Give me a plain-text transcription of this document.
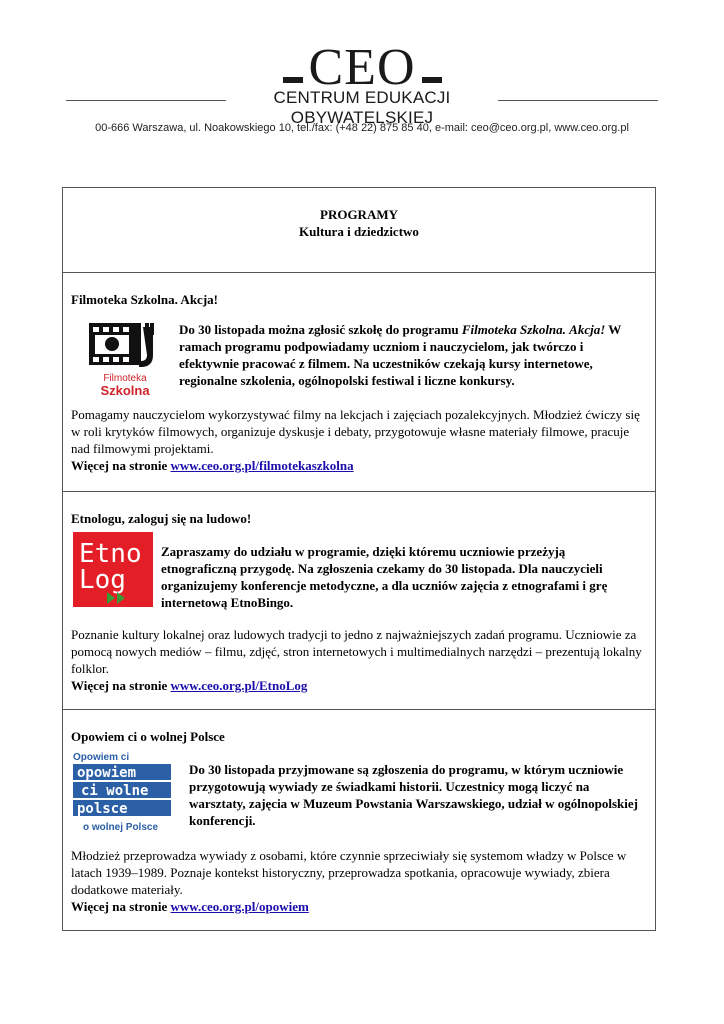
CEO
CENTRUM EDUKACJI OBYWATELSKIEJ
00-666 Warszawa, ul. Noakowskiego 10, tel./fax: (+48 22) 875 85 40, e-mail: ceo@ceo.org.pl, www.ceo.org.pl
PROGRAMY
Kultura i dziedzictwo

Filmoteka Szkolna. Akcja!

Filmoteka
Szkolna
Do 30 listopada można zgłosić szkołę do programu Filmoteka Szkolna. Akcja! W ramach programu podpowiadamy uczniom i nauczycielom, jak twórczo i efektywnie pracować z filmem. Na uczestników czekają kursy internetowe, regionalne szkolenia, ogólnopolski festiwal i liczne konkursy.
Pomagamy nauczycielom wykorzystywać filmy na lekcjach i zajęciach pozalekcyjnych. Młodzież ćwiczy się w roli krytyków filmowych, organizuje dyskusje i debaty, przygotowuje własne materiały filmowe, pracuje nad filmowymi projektami.
Więcej na stronie www.ceo.org.pl/filmotekaszkolna

Etnologu, zaloguj się na ludowo!

Etno
Log
Zapraszamy do udziału w programie, dzięki któremu uczniowie przeżyją etnograficzną przygodę. Na zgłoszenia czekamy do 30 listopada. Dla nauczycieli organizujemy konferencje metodyczne, a dla uczniów zajęcia z etnografami i grę internetową EtnoBingo.
Poznanie kultury lokalnej oraz ludowych tradycji to jedno z najważniejszych zadań programu. Uczniowie za pomocą nowych mediów – filmu, zdjęć, stron internetowych i multimedialnych narzędzi – prezentują lokalny folklor.
Więcej na stronie www.ceo.org.pl/EtnoLog

Opowiem ci o wolnej Polsce

Opowiem ci
opowiem
ci wolne
polsce
o wolnej Polsce
Do 30 listopada przyjmowane są zgłoszenia do programu, w którym uczniowie przygotowują wywiady ze świadkami historii. Uczestnicy mogą liczyć na warsztaty, zajęcia w Muzeum Powstania Warszawskiego, udział w ogólnopolskiej konferencji.
Młodzież przeprowadza wywiady z osobami, które czynnie sprzeciwiały się systemom władzy w Polsce w latach 1939–1989. Poznaje kontekst historyczny, przeprowadza spotkania, opracowuje wywiady, zbiera dodatkowe materiały.
Więcej na stronie www.ceo.org.pl/opowiem
